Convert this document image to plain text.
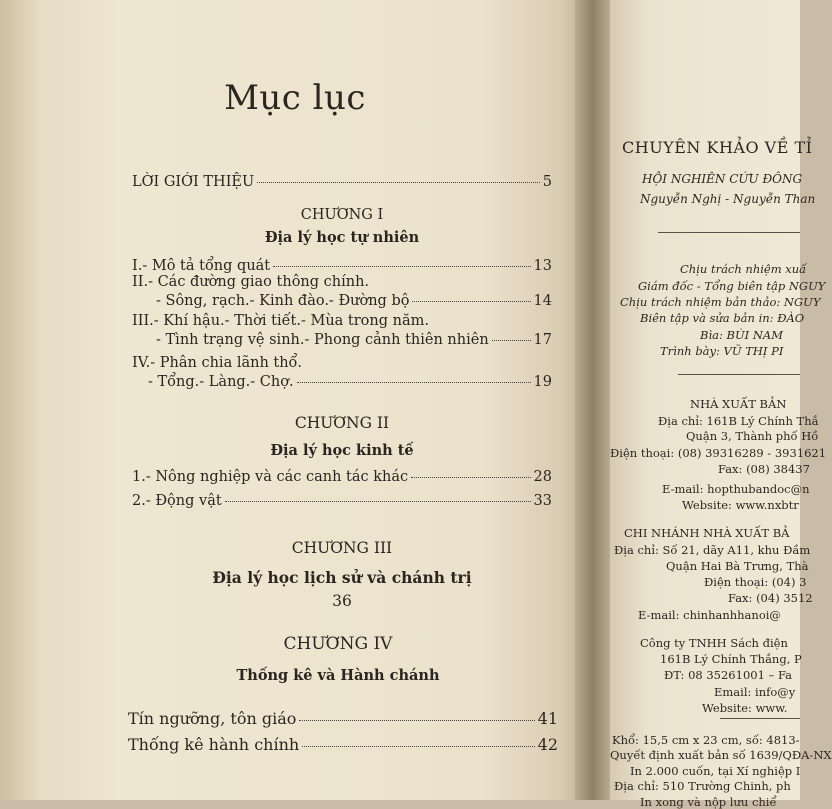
Mục lục
LỜI GIỚI THIỆU	5
CHƯƠNG I
Địa lý học tự nhiên
I.- Mô tả tổng quát	13
II.- Các đường giao thông chính.
- Sông, rạch.- Kinh đào.- Đường bộ	14
III.- Khí hậu.- Thời tiết.- Mùa trong năm.
- Tình trạng vệ sinh.- Phong cảnh thiên nhiên	17
IV.- Phân chia lãnh thổ.
- Tổng.- Làng.- Chợ.	19
CHƯƠNG II
Địa lý học kinh tế
1.- Nông nghiệp và các canh tác khác	28
2.- Động vật	33
CHƯƠNG III
Địa lý học lịch sử và chánh trị
36
CHƯƠNG IV
Thống kê và Hành chánh
Tín ngưỡng, tôn giáo	41
Thống kê hành chính	42
CHUYÊN KHẢO VỀ TỈ
HỘI NGHIÊN CỨU ĐÔNG
Nguyễn Nghị - Nguyễn Than
Chịu trách nhiệm xuấ
Giám đốc - Tổng biên tập NGUY
Chịu trách nhiệm bản thảo: NGUY
Biên tập và sửa bản in: ĐÀO
Bìa: BÙI NAM
Trình bày: VŨ THỊ PI
NHÀ XUẤT BẢN
Địa chỉ: 161B Lý Chính Thắ
Quận 3, Thành phố Hồ
Điện thoại: (08) 39316289 - 3931621
Fax: (08) 38437
E-mail: hopthubandoc@n
Website: www.nxbtr
CHI NHÁNH NHÀ XUẤT BẢ
Địa chỉ: Số 21, dãy A11, khu Đầm
Quận Hai Bà Trưng, Thà
Điện thoại: (04) 3
Fax: (04) 3512
E-mail: chinhanhhanoi@
Công ty TNHH Sách điện
161B Lý Chính Thắng, P
ĐT: 08 35261001 – Fa
Email: info@y
Website: www.
Khổ: 15,5 cm x 23 cm, số: 4813-
Quyết định xuất bản số 1639/QĐA-NX
In 2.000 cuốn, tại Xí nghiệp I
Địa chỉ: 510 Trường Chinh, ph
In xong và nộp lưu chiể
